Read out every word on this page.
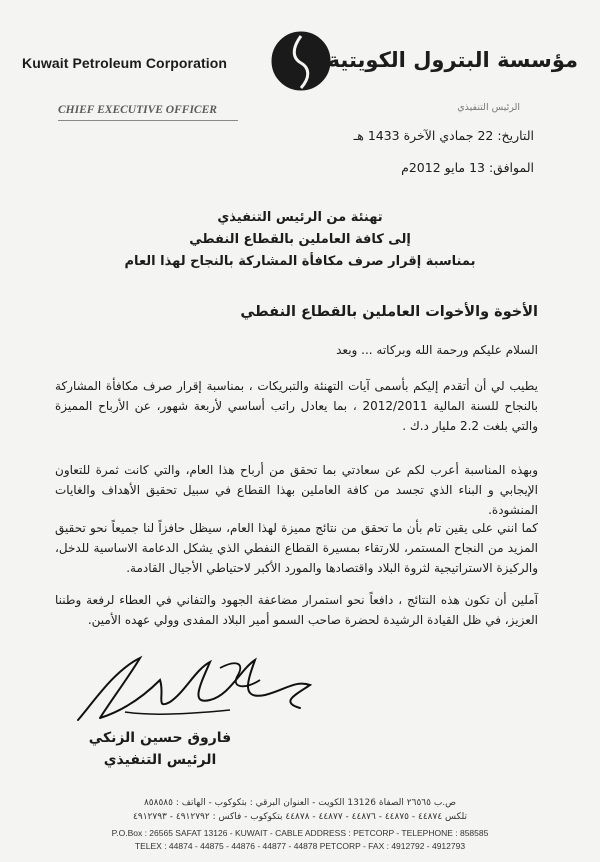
Kuwait Petroleum Corporation	مؤسسة البترول الكويتية
CHIEF EXECUTIVE OFFICER	الرئيس التنفيذي
التاريخ: 22 جمادي الآخرة 1433 هـ
الموافق: 13 مايو 2012م
تهنئة من الرئيس التنفيذي
إلى كافة العاملين بالقطاع النفطي
بمناسبة إقرار صرف مكافأة المشاركة بالنجاح لهذا العام
الأخوة والأخوات العاملين بالقطاع النفطي
السلام عليكم ورحمة الله وبركاته ... وبعد
يطيب لي أن أتقدم إليكم بأسمى آيات التهنئة والتبريكات ، بمناسبة إقرار صرف مكافأة المشاركة بالنجاح للسنة المالية 2012/2011 ، بما يعادل راتب أساسي لأربعة شهور، عن الأرباح المميزة والتي بلغت 2.2 مليار د.ك .
وبهذه المناسبة أعرب لكم عن سعادتي بما تحقق من أرباح هذا العام، والتي كانت ثمرة للتعاون الإيجابي و البناء الذي تجسد من كافة العاملين بهذا القطاع في سبيل تحقيق الأهداف والغايات المنشودة.
كما انني على يقين تام بأن ما تحقق من نتائج مميزة لهذا العام، سيظل حافزاً لنا جميعاً نحو تحقيق المزيد من النجاح المستمر، للارتقاء بمسيرة القطاع النفطي الذي يشكل الدعامة الاساسية للدخل، والركيزة الاستراتيجية لثروة البلاد واقتصادها والمورد الأكبر لاحتياطي الأجيال القادمة.
آملين أن تكون هذه النتائج ، دافعاً نحو استمرار مضاعفة الجهود والتفاني في العطاء لرفعة وطننا العزيز، في ظل القيادة الرشيدة لحضرة صاحب السمو أمير البلاد المفدى وولي عهده الأمين.
فاروق حسين الزنكي
الرئيس التنفيذي
ص.ب ٢٦٥٦٥ الصفاة 13126 الكويت - العنوان البرقي : بتكوكوب - الهاتف : ٨٥٨٥٨٥
تلكس ٤٤٨٧٤ - ٤٤٨٧٥ - ٤٤٨٧٦ - ٤٤٨٧٧ - ٤٤٨٧٨ بتكوكوب - فاكس : ٤٩١٢٧٩٢ - ٤٩١٢٧٩٣
P.O.Box : 26565 SAFAT 13126 - KUWAIT - CABLE ADDRESS : PETCORP - TELEPHONE : 858585
TELEX : 44874 - 44875 - 44876 - 44877 - 44878 PETCORP - FAX : 4912792 - 4912793
